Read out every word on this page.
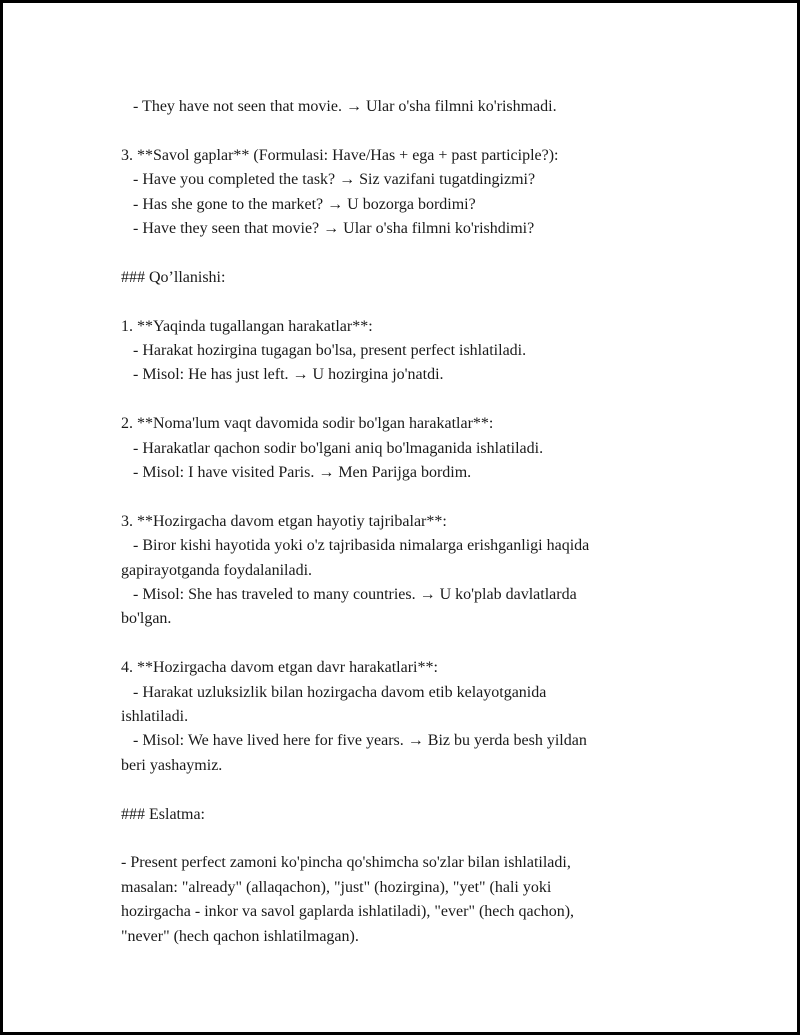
- They have not seen that movie. → Ular o'sha filmni ko'rishmadi.
3. **Savol gaplar** (Formulasi: Have/Has + ega + past participle?):
- Have you completed the task? → Siz vazifani tugatdingizmi?
- Has she gone to the market? → U bozorga bordimi?
- Have they seen that movie? → Ular o'sha filmni ko'rishdimi?
### Qo’llanishi:
1. **Yaqinda tugallangan harakatlar**:
- Harakat hozirgina tugagan bo'lsa, present perfect ishlatiladi.
- Misol: He has just left. → U hozirgina jo'natdi.
2. **Noma'lum vaqt davomida sodir bo'lgan harakatlar**:
- Harakatlar qachon sodir bo'lgani aniq bo'lmaganida ishlatiladi.
- Misol: I have visited Paris. → Men Parijga bordim.
3. **Hozirgacha davom etgan hayotiy tajribalar**:
- Biror kishi hayotida yoki o'z tajribasida nimalarga erishganligi haqida
gapirayotganda foydalaniladi.
- Misol: She has traveled to many countries. → U ko'plab davlatlarda
bo'lgan.
4. **Hozirgacha davom etgan davr harakatlari**:
- Harakat uzluksizlik bilan hozirgacha davom etib kelayotganida
ishlatiladi.
- Misol: We have lived here for five years. → Biz bu yerda besh yildan
beri yashaymiz.
### Eslatma:
- Present perfect zamoni ko'pincha qo'shimcha so'zlar bilan ishlatiladi,
masalan: "already" (allaqachon), "just" (hozirgina), "yet" (hali yoki
hozirgacha - inkor va savol gaplarda ishlatiladi), "ever" (hech qachon),
"never" (hech qachon ishlatilmagan).
